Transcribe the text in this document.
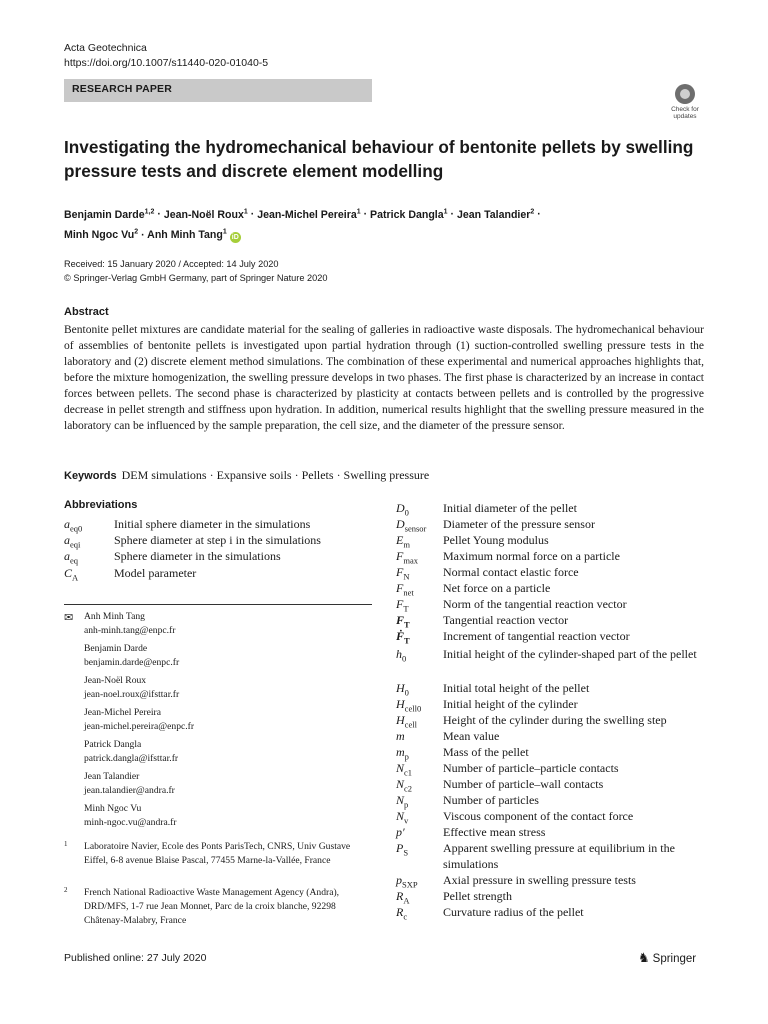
Acta Geotechnica
https://doi.org/10.1007/s11440-020-01040-5
RESEARCH PAPER
Check for
updates
Investigating the hydromechanical behaviour of bentonite pellets by swelling pressure tests and discrete element modelling
Benjamin Darde$^{1,2}$ · Jean-Noël Roux$^1$ · Jean-Michel Pereira$^1$ · Patrick Dangla$^1$ · Jean Talandier$^2$ ·
Minh Ngoc $Vu^2$ · Anh Minh Tang$^1$iD
Received: 15 January 2020 / Accepted: 14 July 2020
© Springer-Verlag GmbH Germany, part of Springer Nature 2020
Abstract
Bentonite pellet mixtures are candidate material for the sealing of galleries in radioactive waste disposals. The hydromechanical behaviour of assemblies of bentonite pellets is investigated upon partial hydration through (1) suction-controlled swelling pressure tests in the laboratory and (2) discrete element method simulations. The combination of these experimental and numerical approaches highlights that, before the mixture homogenization, the swelling pressure develops in two phases. The first phase is characterized by an increase in contact forces between pellets. The second phase is characterized by plasticity at contacts between pellets and is controlled by the progressive decrease in pellet strength and stiffness upon hydration. In addition, numerical results highlight that the swelling pressure measured in the laboratory can be influenced by the sample preparation, the cell size, and the diameter of the pressure sensor.
Keywords DEM simulations · Expansive soils · Pellets · Swelling pressure
Abbreviations
$a_{eq0}$	Initial sphere diameter in the simulations
$a_{eqi}$	Sphere diameter at step i in the simulations
$a_{eq}$	Sphere diameter in the simulations
$C_A$	Model parameter
✉ Anh Minh Tang
anh-minh.tang@enpc.fr
Benjamin Darde
benjamin.darde@enpc.fr
Jean-Noël Roux
jean-noel.roux@ifsttar.fr
Jean-Michel Pereira
jean-michel.pereira@enpc.fr
Patrick Dangla
patrick.dangla@ifsttar.fr
Jean Talandier
jean.talandier@andra.fr
Minh Ngoc Vu
minh-ngoc.vu@andra.fr
1 Laboratoire Navier, Ecole des Ponts ParisTech, CNRS, Univ Gustave Eiffel, 6-8 avenue Blaise Pascal, 77455 Marne-la-Vallée, France
2 French National Radioactive Waste Management Agency (Andra), DRD/MFS, 1-7 rue Jean Monnet, Parc de la croix blanche, 92298 Châtenay-Malabry, France
$D_0$	Initial diameter of the pellet
$D_{sensor}$ Diameter of the pressure sensor
$E_m$	Pellet Young modulus
$F_{max}$ Maximum normal force on a particle
$F_N$	Normal contact elastic force
$F_{net}$ Net force on a particle
$F_T$	Norm of the tangential reaction vector
$F_T$	Tangential reaction vector
Ḟ$_T$	Increment of tangential reaction vector
$h_0$	Initial height of the cylinder-shaped part of the pellet
$H_0$	Initial total height of the pellet
$H_{cell0}$ Initial height of the cylinder
$H_{cell}$ Height of the cylinder during the swelling step
m	Mean value
$m_p$	Mass of the pellet
$N_{c1}$	Number of particle–particle contacts
$N_{c2}$	Number of particle–wall contacts
$N_p$	Number of particles
$N_v$	Viscous component of the contact force
p′	Effective mean stress
$P_S$	Apparent swelling pressure at equilibrium in the simulations
$p_{SXP}$ Axial pressure in swelling pressure tests
$R_A$	Pellet strength
$R_c$	Curvature radius of the pellet
Published online: 27 July 2020	♞ Springer
